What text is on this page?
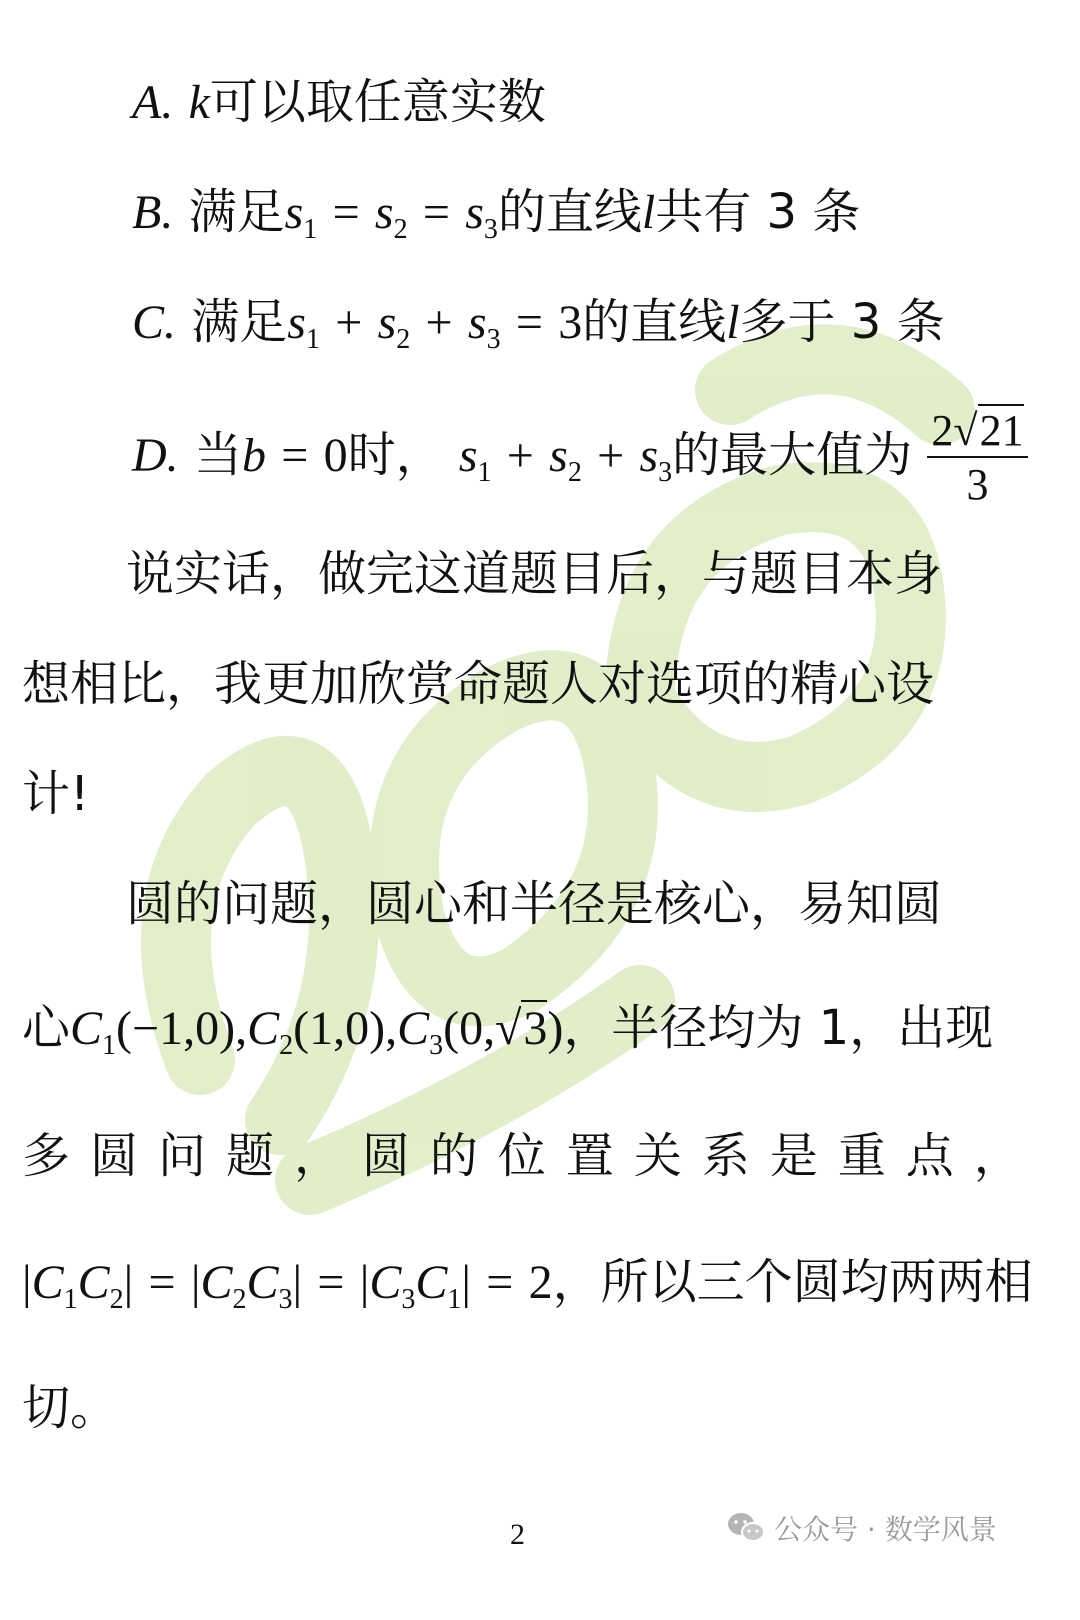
A. k可以取任意实数
B. 满足$s_1 = s_2 = s_3$的直线l共有 3 条
C. 满足$s_1 + s_2 + s_3 = 3$的直线l多于 3 条
D. 当b = 0时， $s_1 + s_2 + s_3$的最大值为 $\frac{2√21}{3}$
说实话，做完这道题目后，与题目本身
想相比，我更加欣赏命题人对选项的精心设
计!
圆的问题，圆心和半径是核心，易知圆
心$C_1(-1,0),C_2(1,0),C_3(0,√3)$，半径均为 1，出现
多 圆 问 题 ， 圆 的 位 置 关 系 是 重 点 ，
$|C_1C_2| = |C_2C_3| = |C_3C_1| = 2$，所以三个圆均两两相
切。
2	公众号 · 数学风景
